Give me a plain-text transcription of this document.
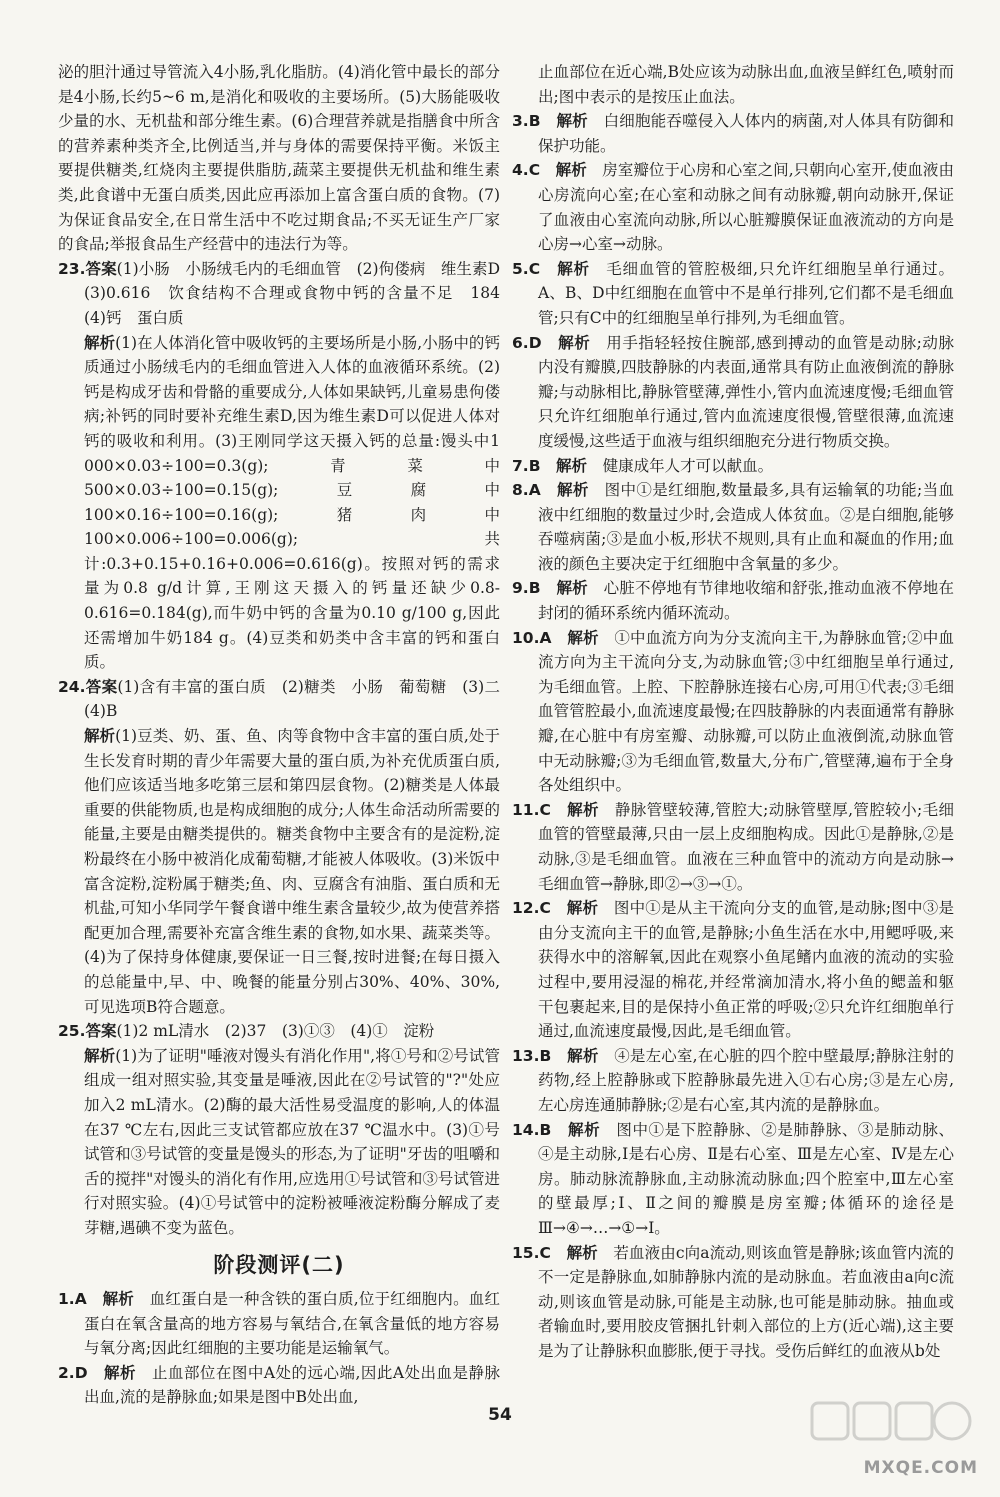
泌的胆汁通过导管流入4小肠,乳化脂肪。(4)消化管中最长的部分是4小肠,长约5~6 m,是消化和吸收的主要场所。(5)大肠能吸收少量的水、无机盐和部分维生素。(6)合理营养就是指膳食中所含的营养素种类齐全,比例适当,并与身体的需要保持平衡。米饭主要提供糖类,红烧肉主要提供脂肪,蔬菜主要提供无机盐和维生素类,此食谱中无蛋白质类,因此应再添加上富含蛋白质的食物。(7)为保证食品安全,在日常生活中不吃过期食品;不买无证生产厂家的食品;举报食品生产经营中的违法行为等。

23.答案(1)小肠　小肠绒毛内的毛细血管　(2)佝偻病　维生素D　(3)0.616　饮食结构不合理或食物中钙的含量不足　184　(4)钙　蛋白质
解析(1)在人体消化管中吸收钙的主要场所是小肠,小肠中的钙质通过小肠绒毛内的毛细血管进入人体的血液循环系统。(2)钙是构成牙齿和骨骼的重要成分,人体如果缺钙,儿童易患佝偻病;补钙的同时要补充维生素D,因为维生素D可以促进人体对钙的吸收和利用。(3)王刚同学这天摄入钙的总量:馒头中1 000×0.03÷100=0.3(g);青菜中500×0.03÷100=0.15(g);豆腐中100×0.16÷100=0.16(g);猪肉中100×0.006÷100=0.006(g);共计:0.3+0.15+0.16+0.006=0.616(g)。按照对钙的需求量为0.8 g/d计算,王刚这天摄入的钙量还缺少0.8-0.616=0.184(g),而牛奶中钙的含量为0.10 g/100 g,因此还需增加牛奶184 g。(4)豆类和奶类中含丰富的钙和蛋白质。
24.答案(1)含有丰富的蛋白质　(2)糖类　小肠　葡萄糖　(3)二　(4)B
解析(1)豆类、奶、蛋、鱼、肉等食物中含丰富的蛋白质,处于生长发育时期的青少年需要大量的蛋白质,为补充优质蛋白质,他们应该适当地多吃第三层和第四层食物。(2)糖类是人体最重要的供能物质,也是构成细胞的成分;人体生命活动所需要的能量,主要是由糖类提供的。糖类食物中主要含有的是淀粉,淀粉最终在小肠中被消化成葡萄糖,才能被人体吸收。(3)米饭中富含淀粉,淀粉属于糖类;鱼、肉、豆腐含有油脂、蛋白质和无机盐,可知小华同学午餐食谱中维生素含量较少,故为使营养搭配更加合理,需要补充富含维生素的食物,如水果、蔬菜类等。(4)为了保持身体健康,要保证一日三餐,按时进餐;在每日摄入的总能量中,早、中、晚餐的能量分别占30%、40%、30%,可见选项B符合题意。
25.答案(1)2 mL清水　(2)37　(3)①③　(4)①　淀粉
解析(1)为了证明"唾液对馒头有消化作用",将①号和②号试管组成一组对照实验,其变量是唾液,因此在②号试管的"?"处应加入2 mL清水。(2)酶的最大活性易受温度的影响,人的体温在37 ℃左右,因此三支试管都应放在37 ℃温水中。(3)①号试管和③号试管的变量是馒头的形态,为了证明"牙齿的咀嚼和舌的搅拌"对馒头的消化有作用,应选用①号试管和③号试管进行对照实验。(4)①号试管中的淀粉被唾液淀粉酶分解成了麦芽糖,遇碘不变为蓝色。
阶段测评(二)
1.A　 解析　 血红蛋白是一种含铁的蛋白质,位于红细胞内。血红蛋白在氧含量高的地方容易与氧结合,在氧含量低的地方容易与氧分离;因此红细胞的主要功能是运输氧气。
2.D　 解析　 止血部位在图中A处的远心端,因此A处出血是静脉出血,流的是静脉血;如果是图中B处出血,

止血部位在近心端,B处应该为动脉出血,血液呈鲜红色,喷射而出;图中表示的是按压止血法。

3.B　 解析　 白细胞能吞噬侵入人体内的病菌,对人体具有防御和保护功能。
4.C　 解析　 房室瓣位于心房和心室之间,只朝向心室开,使血液由心房流向心室;在心室和动脉之间有动脉瓣,朝向动脉开,保证了血液由心室流向动脉,所以心脏瓣膜保证血液流动的方向是心房→心室→动脉。
5.C　 解析　 毛细血管的管腔极细,只允许红细胞呈单行通过。A、B、D中红细胞在血管中不是单行排列,它们都不是毛细血管;只有C中的红细胞呈单行排列,为毛细血管。
6.D　 解析　 用手指轻轻按住腕部,感到搏动的血管是动脉;动脉内没有瓣膜,四肢静脉的内表面,通常具有防止血液倒流的静脉瓣;与动脉相比,静脉管壁薄,弹性小,管内血流速度慢;毛细血管只允许红细胞单行通过,管内血流速度很慢,管壁很薄,血流速度缓慢,这些适于血液与组织细胞充分进行物质交换。
7.B　 解析　 健康成年人才可以献血。
8.A　 解析　 图中①是红细胞,数量最多,具有运输氧的功能;当血液中红细胞的数量过少时,会造成人体贫血。②是白细胞,能够吞噬病菌;③是血小板,形状不规则,具有止血和凝血的作用;血液的颜色主要决定于红细胞中含氧量的多少。
9.B　 解析　 心脏不停地有节律地收缩和舒张,推动血液不停地在封闭的循环系统内循环流动。
10.A　 解析　 ①中血流方向为分支流向主干,为静脉血管;②中血流方向为主干流向分支,为动脉血管;③中红细胞呈单行通过,为毛细血管。上腔、下腔静脉连接右心房,可用①代表;③毛细血管管腔最小,血流速度最慢;在四肢静脉的内表面通常有静脉瓣,在心脏中有房室瓣、动脉瓣,可以防止血液倒流,动脉血管中无动脉瓣;③为毛细血管,数量大,分布广,管壁薄,遍布于全身各处组织中。
11.C　 解析　 静脉管壁较薄,管腔大;动脉管壁厚,管腔较小;毛细血管的管壁最薄,只由一层上皮细胞构成。因此①是静脉,②是动脉,③是毛细血管。血液在三种血管中的流动方向是动脉→毛细血管→静脉,即②→③→①。
12.C　 解析　 图中①是从主干流向分支的血管,是动脉;图中③是由分支流向主干的血管,是静脉;小鱼生活在水中,用鳃呼吸,来获得水中的溶解氧,因此在观察小鱼尾鳍内血液的流动的实验过程中,要用浸湿的棉花,并经常滴加清水,将小鱼的鳃盖和躯干包裹起来,目的是保持小鱼正常的呼吸;②只允许红细胞单行通过,血流速度最慢,因此,是毛细血管。
13.B　 解析　 ④是左心室,在心脏的四个腔中壁最厚;静脉注射的药物,经上腔静脉或下腔静脉最先进入①右心房;③是左心房,左心房连通肺静脉;②是右心室,其内流的是静脉血。
14.B　 解析　 图中①是下腔静脉、②是肺静脉、③是肺动脉、④是主动脉,Ⅰ是右心房、Ⅱ是右心室、Ⅲ是左心室、Ⅳ是左心房。肺动脉流静脉血,主动脉流动脉血;四个腔室中,Ⅲ左心室的壁最厚;Ⅰ、Ⅱ之间的瓣膜是房室瓣;体循环的途径是Ⅲ→④→…→①→Ⅰ。
15.C　 解析　 若血液由c向a流动,则该血管是静脉;该血管内流的不一定是静脉血,如肺静脉内流的是动脉血。若血液由a向c流动,则该血管是动脉,可能是主动脉,也可能是肺动脉。抽血或者输血时,要用胶皮管捆扎针刺入部位的上方(近心端),这主要是为了让静脉积血膨胀,便于寻找。受伤后鲜红的血液从b处
54
MXQE.COM
